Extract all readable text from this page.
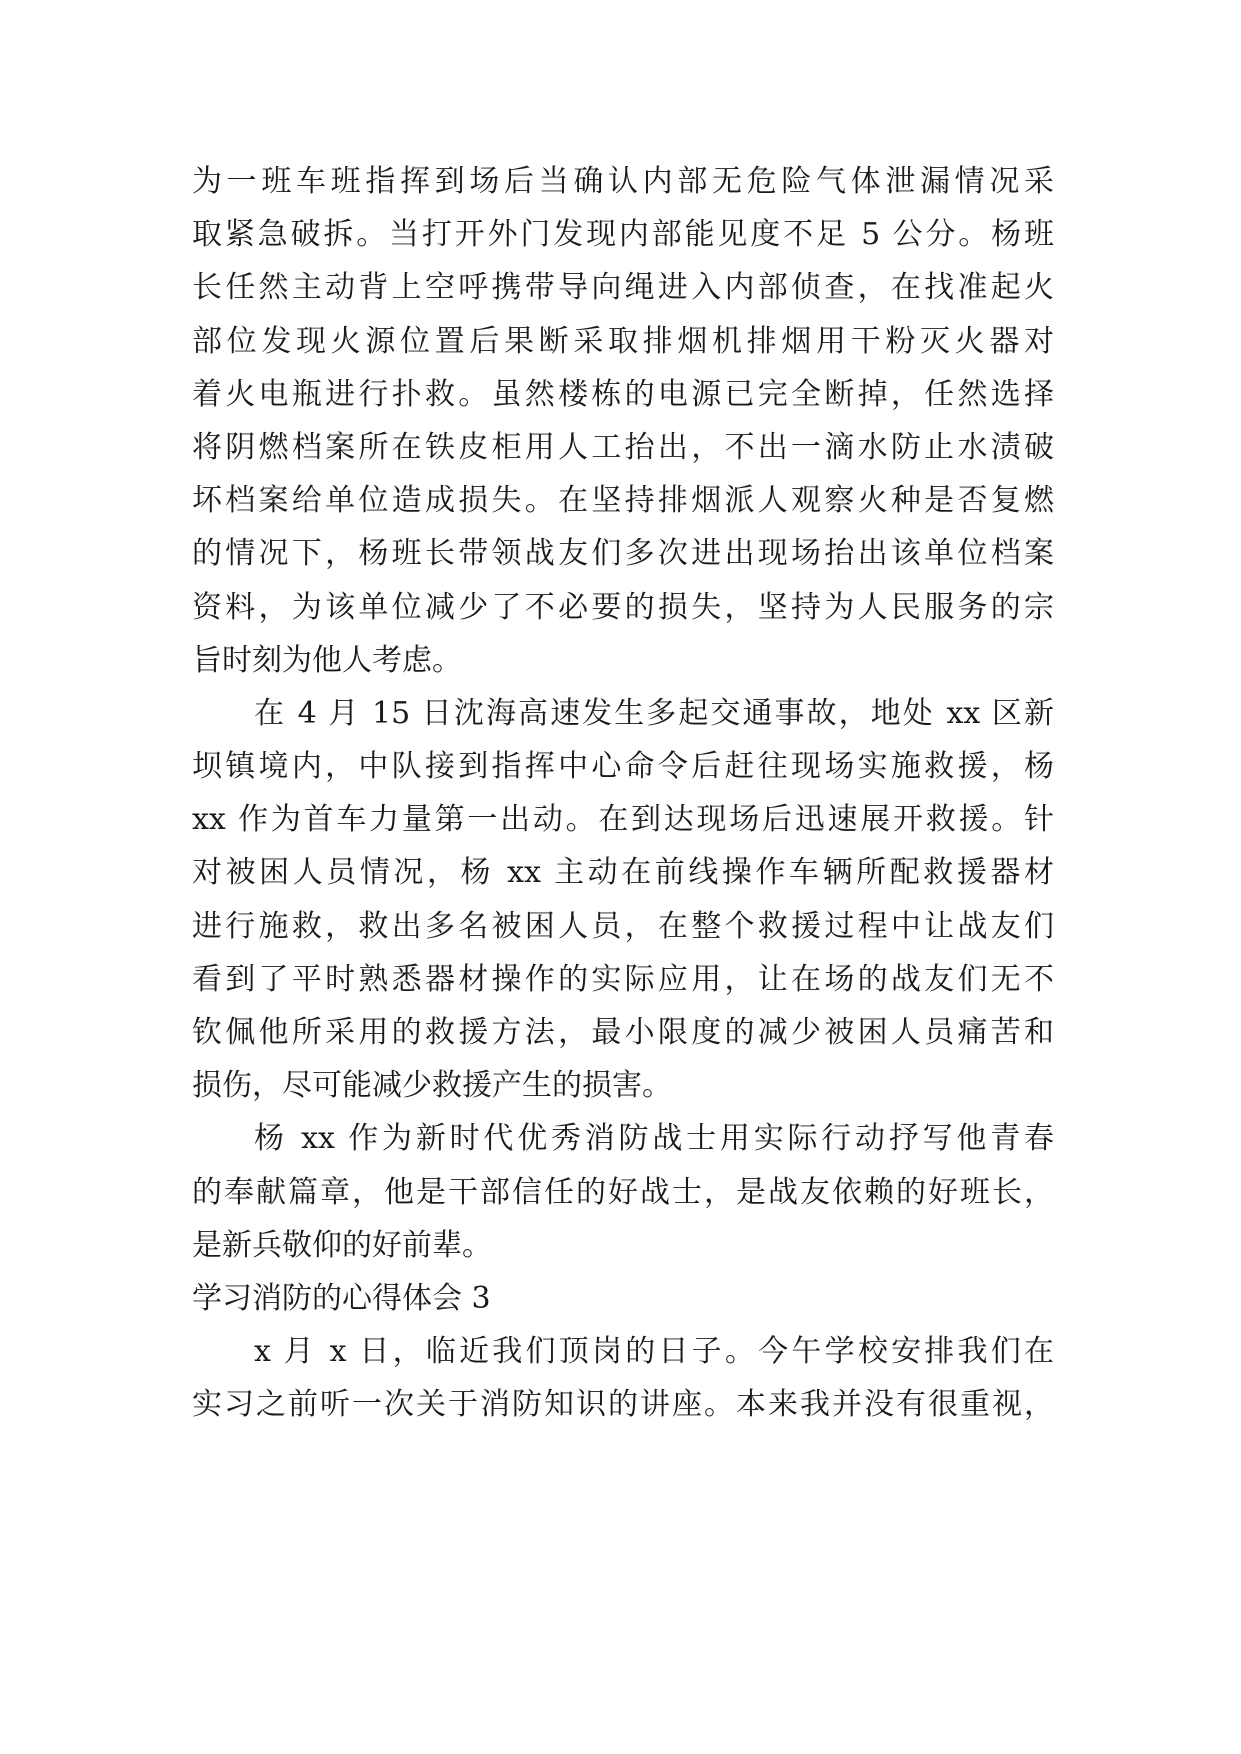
为一班车班指挥到场后当确认内部无危险气体泄漏情况采
取紧急破拆。当打开外门发现内部能见度不足 5 公分。杨班
长任然主动背上空呼携带导向绳进入内部侦查，在找准起火
部位发现火源位置后果断采取排烟机排烟用干粉灭火器对
着火电瓶进行扑救。虽然楼栋的电源已完全断掉，任然选择
将阴燃档案所在铁皮柜用人工抬出，不出一滴水防止水渍破
坏档案给单位造成损失。在坚持排烟派人观察火种是否复燃
的情况下，杨班长带领战友们多次进出现场抬出该单位档案
资料，为该单位减少了不必要的损失，坚持为人民服务的宗
旨时刻为他人考虑。
在 4 月 15 日沈海高速发生多起交通事故，地处 xx 区新
坝镇境内，中队接到指挥中心命令后赶往现场实施救援，杨
xx 作为首车力量第一出动。在到达现场后迅速展开救援。针
对被困人员情况，杨 xx 主动在前线操作车辆所配救援器材
进行施救，救出多名被困人员，在整个救援过程中让战友们
看到了平时熟悉器材操作的实际应用，让在场的战友们无不
钦佩他所采用的救援方法，最小限度的减少被困人员痛苦和
损伤，尽可能减少救援产生的损害。
杨 xx 作为新时代优秀消防战士用实际行动抒写他青春
的奉献篇章，他是干部信任的好战士，是战友依赖的好班长，
是新兵敬仰的好前辈。
学习消防的心得体会 3
x 月 x 日，临近我们顶岗的日子。今午学校安排我们在
实习之前听一次关于消防知识的讲座。本来我并没有很重视，
